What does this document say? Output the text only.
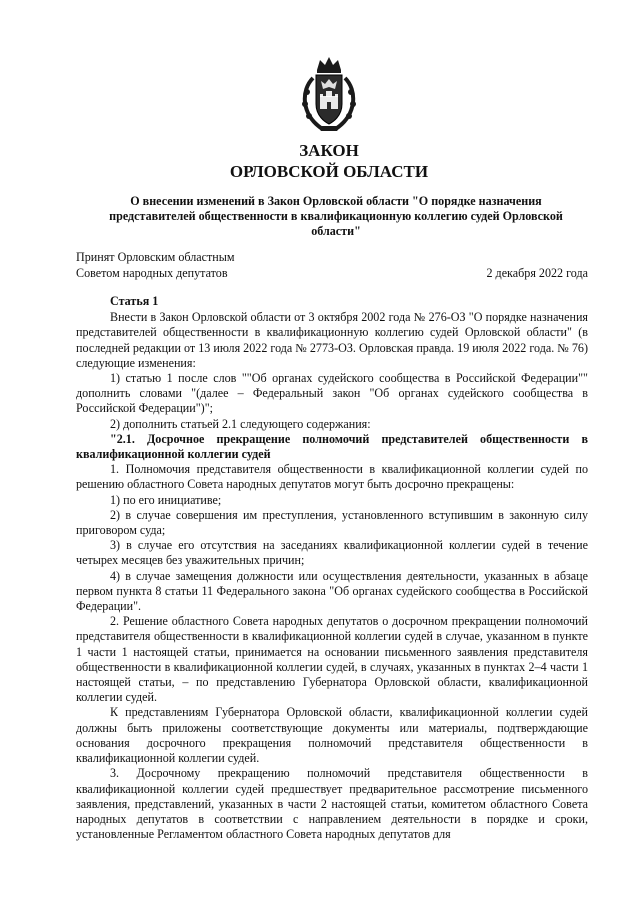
ЗАКОН
ОРЛОВСКОЙ ОБЛАСТИ
О внесении изменений в Закон Орловской области "О порядке назначения представителей общественности в квалификационную коллегию судей Орловской области"
Принят Орловским областным
Советом народных депутатов	2 декабря 2022 года

Статья 1

Внести в Закон Орловской области от 3 октября 2002 года № 276-ОЗ "О порядке назначения представителей общественности в квалификационную коллегию судей Орловской области" (в последней редакции от 13 июля 2022 года № 2773-ОЗ. Орловская правда. 19 июля 2022 года. № 76) следующие изменения:

1) статью 1 после слов ""Об органах судейского сообщества в Российской Федерации"" дополнить словами "(далее – Федеральный закон "Об органах судейского сообщества в Российской Федерации")";

2) дополнить статьей 2.1 следующего содержания:

"2.1. Досрочное прекращение полномочий представителей общественности в квалификационной коллегии судей

1. Полномочия представителя общественности в квалификационной коллегии судей по решению областного Совета народных депутатов могут быть досрочно прекращены:

1) по его инициативе;

2) в случае совершения им преступления, установленного вступившим в законную силу приговором суда;

3) в случае его отсутствия на заседаниях квалификационной коллегии судей в течение четырех месяцев без уважительных причин;

4) в случае замещения должности или осуществления деятельности, указанных в абзаце первом пункта 8 статьи 11 Федерального закона "Об органах судейского сообщества в Российской Федерации".

2. Решение областного Совета народных депутатов о досрочном прекращении полномочий представителя общественности в квалификационной коллегии судей в случае, указанном в пункте 1 части 1 настоящей статьи, принимается на основании письменного заявления представителя общественности в квалификационной коллегии судей, в случаях, указанных в пунктах 2–4 части 1 настоящей статьи, – по представлению Губернатора Орловской области, квалификационной коллегии судей.

К представлениям Губернатора Орловской области, квалификационной коллегии судей должны быть приложены соответствующие документы или материалы, подтверждающие основания досрочного прекращения полномочий представителя общественности в квалификационной коллегии судей.

3. Досрочному прекращению полномочий представителя общественности в квалификационной коллегии судей предшествует предварительное рассмотрение письменного заявления, представлений, указанных в части 2 настоящей статьи, комитетом областного Совета народных депутатов в соответствии с направлением деятельности в порядке и сроки, установленные Регламентом областного Совета народных депутатов для
